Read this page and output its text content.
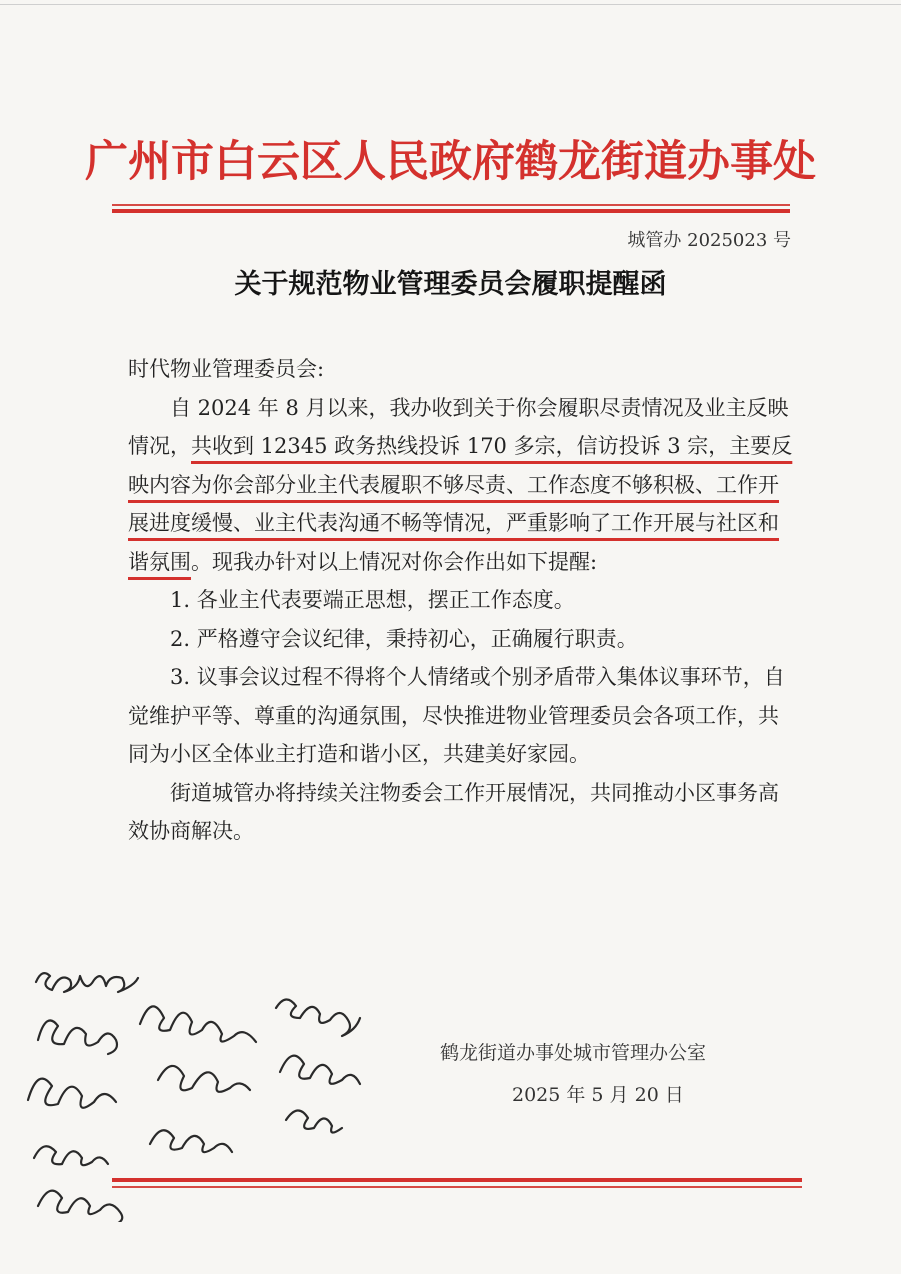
广州市白云区人民政府鹤龙街道办事处
城管办 2025023 号
关于规范物业管理委员会履职提醒函

时代物业管理委员会:

自 2024 年 8 月以来，我办收到关于你会履职尽责情况及业主反映情况，共收到 12345 政务热线投诉 170 多宗，信访投诉 3 宗，主要反映内容为你会部分业主代表履职不够尽责、工作态度不够积极、工作开展进度缓慢、业主代表沟通不畅等情况，严重影响了工作开展与社区和谐氛围。现我办针对以上情况对你会作出如下提醒:

1. 各业主代表要端正思想，摆正工作态度。

2. 严格遵守会议纪律，秉持初心，正确履行职责。

3. 议事会议过程不得将个人情绪或个别矛盾带入集体议事环节，自觉维护平等、尊重的沟通氛围，尽快推进物业管理委员会各项工作，共同为小区全体业主打造和谐小区，共建美好家园。

街道城管办将持续关注物委会工作开展情况，共同推动小区事务高效协商解决。

鹤龙街道办事处城市管理办公室
2025 年 5 月 20 日
